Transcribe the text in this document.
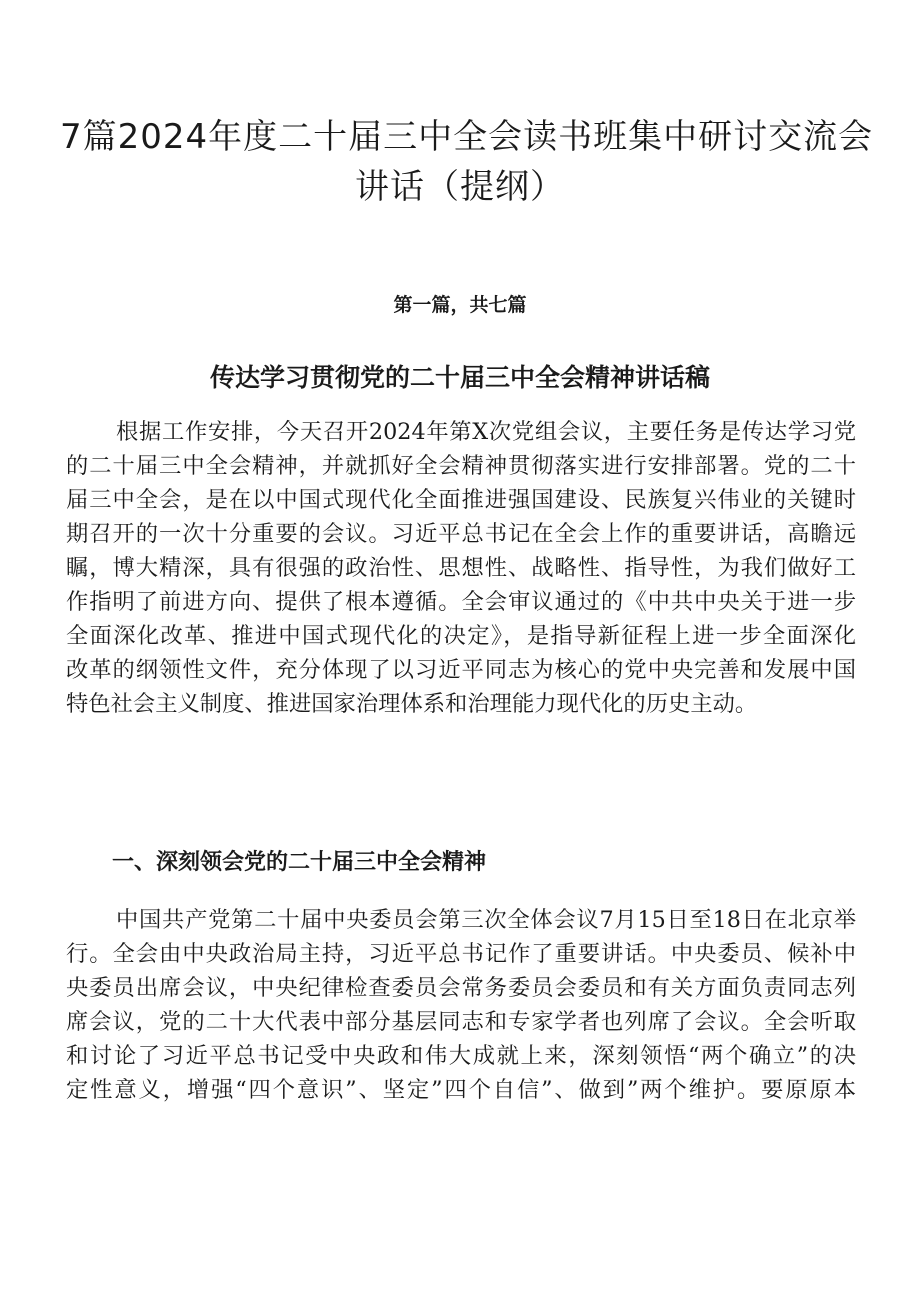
7篇2024年度二十届三中全会读书班集中研讨交流会
讲话（提纲）
第一篇，共七篇
传达学习贯彻党的二十届三中全会精神讲话稿

根据工作安排，今天召开2024年第X次党组会议，主要任务是传达学习党
的二十届三中全会精神，并就抓好全会精神贯彻落实进行安排部署。党的二十
届三中全会，是在以中国式现代化全面推进强国建设、民族复兴伟业的关键时
期召开的一次十分重要的会议。习近平总书记在全会上作的重要讲话，高瞻远
瞩，博大精深，具有很强的政治性、思想性、战略性、指导性，为我们做好工
作指明了前进方向、提供了根本遵循。全会审议通过的《中共中央关于进一步
全面深化改革、推进中国式现代化的决定》，是指导新征程上进一步全面深化
改革的纲领性文件，充分体现了以习近平同志为核心的党中央完善和发展中国
特色社会主义制度、推进国家治理体系和治理能力现代化的历史主动。

一、深刻领会党的二十届三中全会精神

中国共产党第二十届中央委员会第三次全体会议7月15日至18日在北京举
行。全会由中央政治局主持，习近平总书记作了重要讲话。中央委员、候补中
央委员出席会议，中央纪律检查委员会常务委员会委员和有关方面负责同志列
席会议，党的二十大代表中部分基层同志和专家学者也列席了会议。全会听取
和讨论了习近平总书记受中央政和伟大成就上来，深刻领悟“两个确立”的决
定性意义，增强“四个意识”、坚定”四个自信”、做到”两个维护。要原原本
